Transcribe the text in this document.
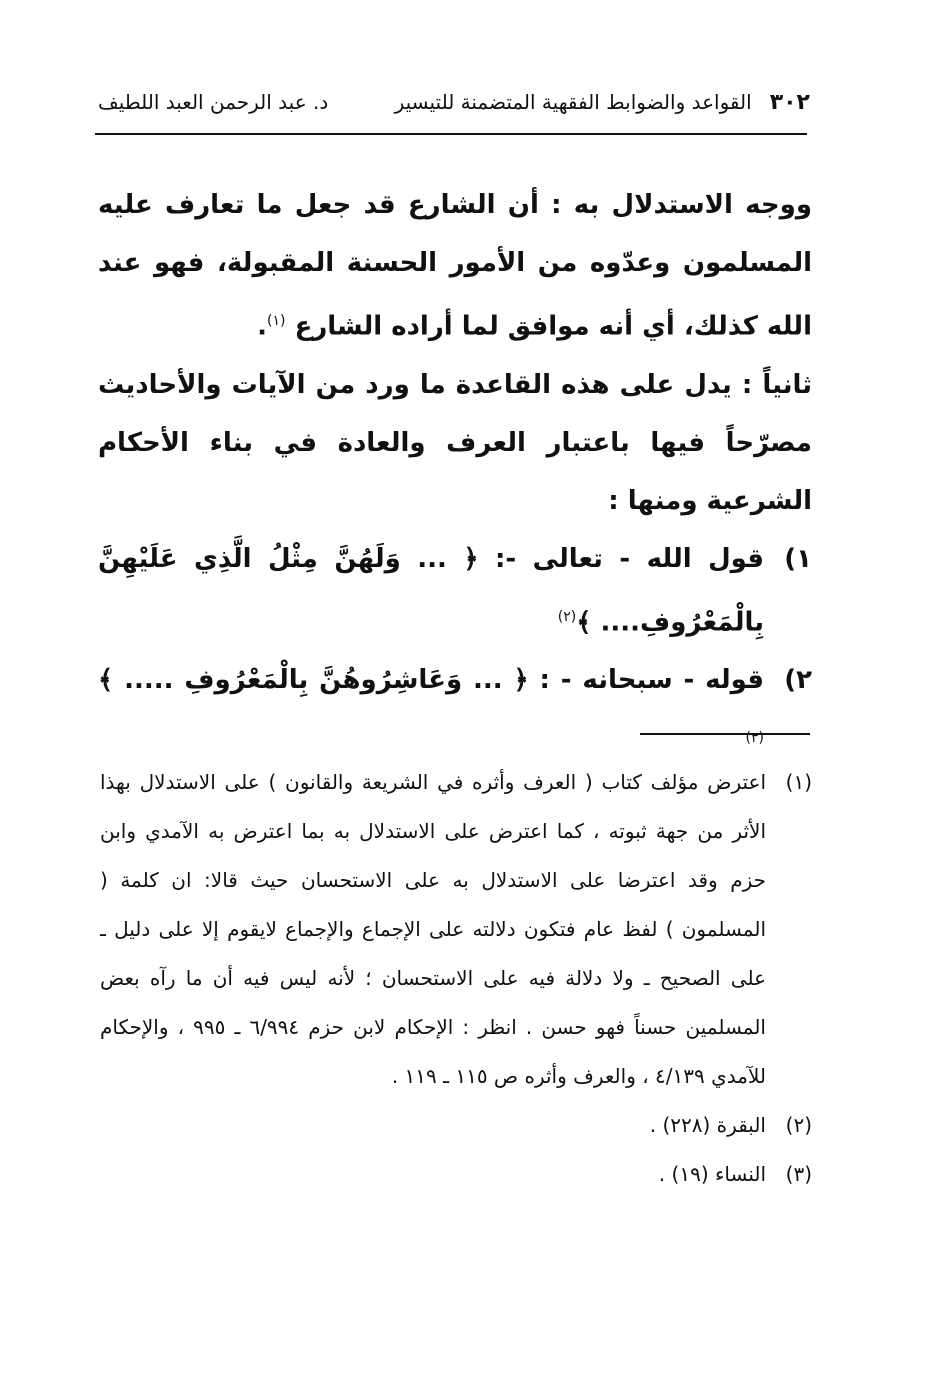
٣٠٢
القواعد والضوابط الفقهية المتضمنة للتيسير
د. عبد الرحمن العبد اللطيف

ووجه الاستدلال به : أن الشارع قد جعل ما تعارف عليه المسلمون وعدّوه من الأمور الحسنة المقبولة، فهو عند الله كذلك، أي أنه موافق لما أراده الشارع $^{(١)}$.

ثانياً : يدل على هذه القاعدة ما ورد من الآيات والأحاديث مصرّحاً فيها باعتبار العرف والعادة في بناء الأحكام الشرعية ومنها :

١)
قول الله - تعالى -: ﴿ ... وَلَهُنَّ مِثْلُ الَّذِي عَلَيْهِنَّ بِالْمَعْرُوفِ.... ﴾$^{(٢)}$
٢)
قوله - سبحانه - : ﴿ ... وَعَاشِرُوهُنَّ بِالْمَعْرُوفِ ..... ﴾ $^{(٣)}$
(١)
اعترض مؤلف كتاب ( العرف وأثره في الشريعة والقانون ) على الاستدلال بهذا الأثر من جهة ثبوته ، كما اعترض على الاستدلال به بما اعترض به الآمدي وابن حزم وقد اعترضا على الاستدلال به على الاستحسان حيث قالا: ان كلمة ( المسلمون ) لفظ عام فتكون دلالته على الإجماع والإجماع لايقوم إلا على دليل ـ على الصحيح ـ ولا دلالة فيه على الاستحسان ؛ لأنه ليس فيه أن ما رآه بعض المسلمين حسناً فهو حسن . انظر : الإحكام لابن حزم ٦/٩٩٤ ـ ٩٩٥ ، والإحكام للآمدي ٤/١٣٩ ، والعرف وأثره ص ١١٥ ـ ١١٩ .
(٢)
البقرة (٢٢٨) .
(٣)
النساء (١٩) .
